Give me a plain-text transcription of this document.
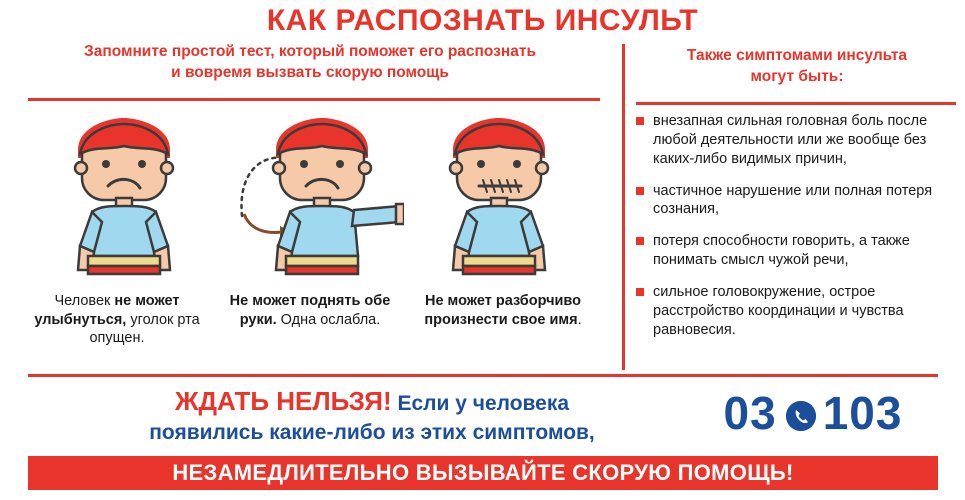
КАК РАСПОЗНАТЬ ИНСУЛЬТ
Запомните простой тест, который поможет его распознать
и вовремя вызвать скорую помощь
Человек не может улыбнуться, уголок рта опущен.
Не может поднять обе руки. Одна ослабла.
Не может разборчиво произнести свое имя.
Также симптомами инсульта
могут быть:
внезапная сильная головная боль после любой деятельности или же вообще без каких-либо видимых причин,
частичное нарушение или полная потеря сознания,
потеря способности говорить, а также понимать смысл чужой речи,
сильное головокружение, острое расстройство координации и чувства равновесия.
ЖДАТЬ НЕЛЬЗЯ! Если у человека
появились какие-либо из этих симптомов,	03 103
НЕЗАМЕДЛИТЕЛЬНО ВЫЗЫВАЙТЕ СКОРУЮ ПОМОЩЬ!
